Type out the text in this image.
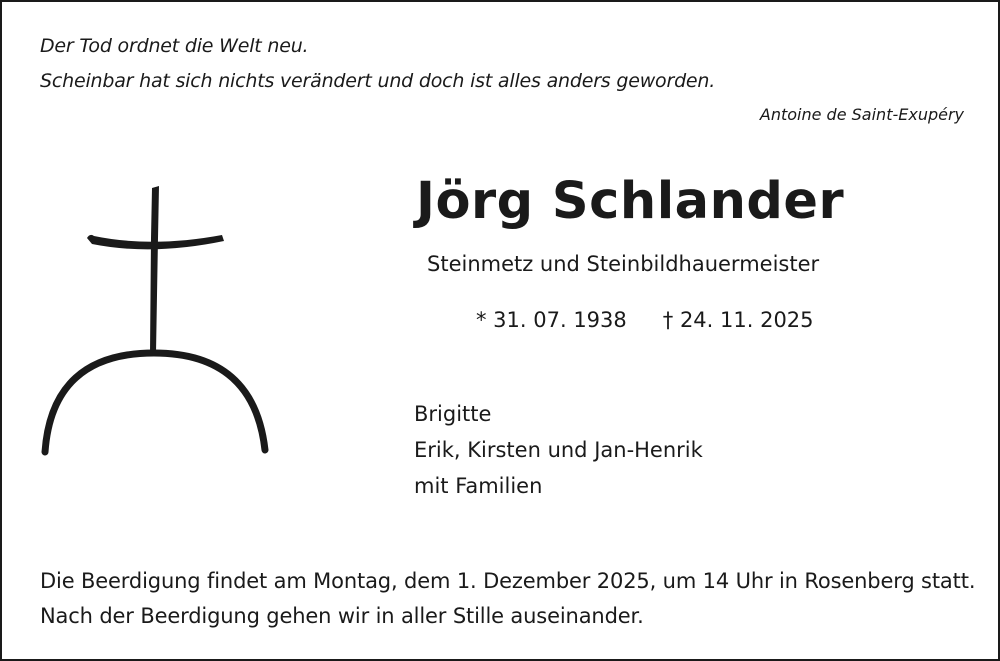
Der Tod ordnet die Welt neu.
Scheinbar hat sich nichts verändert und doch ist alles anders geworden.
Antoine de Saint-Exupéry
Jörg Schlander
Steinmetz und Steinbildhauermeister
* 31. 07. 1938 † 24. 11. 2025
Brigitte
Erik, Kirsten und Jan-Henrik
mit Familien
Die Beerdigung findet am Montag, dem 1. Dezember 2025, um 14 Uhr in Rosenberg statt.
Nach der Beerdigung gehen wir in aller Stille auseinander.
